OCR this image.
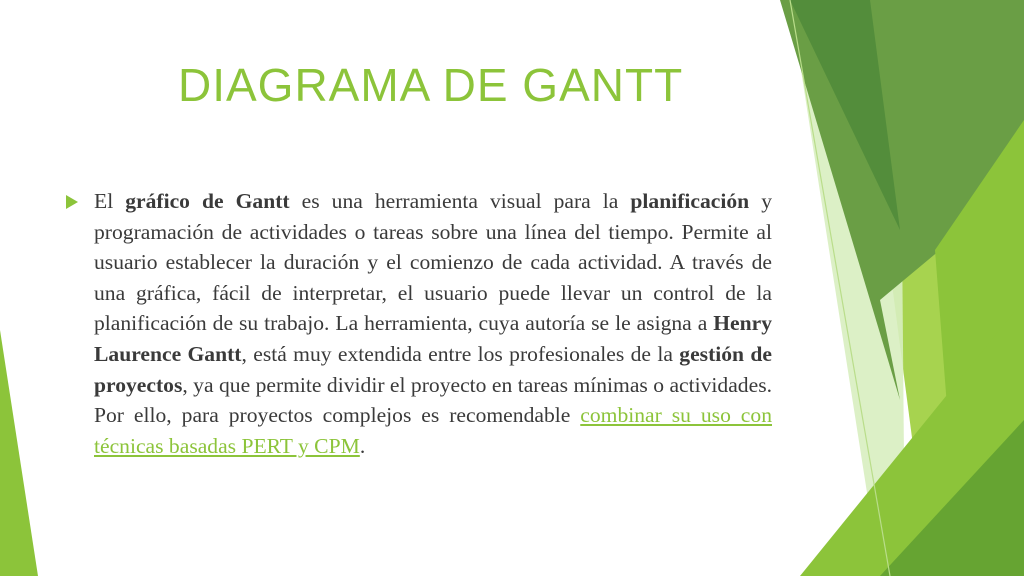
DIAGRAMA DE GANTT
El gráfico de Gantt es una herramienta visual para la planificación y programación de actividades o tareas sobre una línea del tiempo. Permite al usuario establecer la duración y el comienzo de cada actividad. A través de una gráfica, fácil de interpretar, el usuario puede llevar un control de la planificación de su trabajo. La herramienta, cuya autoría se le asigna a Henry Laurence Gantt, está muy extendida entre los profesionales de la gestión de proyectos, ya que permite dividir el proyecto en tareas mínimas o actividades. Por ello, para proyectos complejos es recomendable combinar su uso con técnicas basadas PERT y CPM.
